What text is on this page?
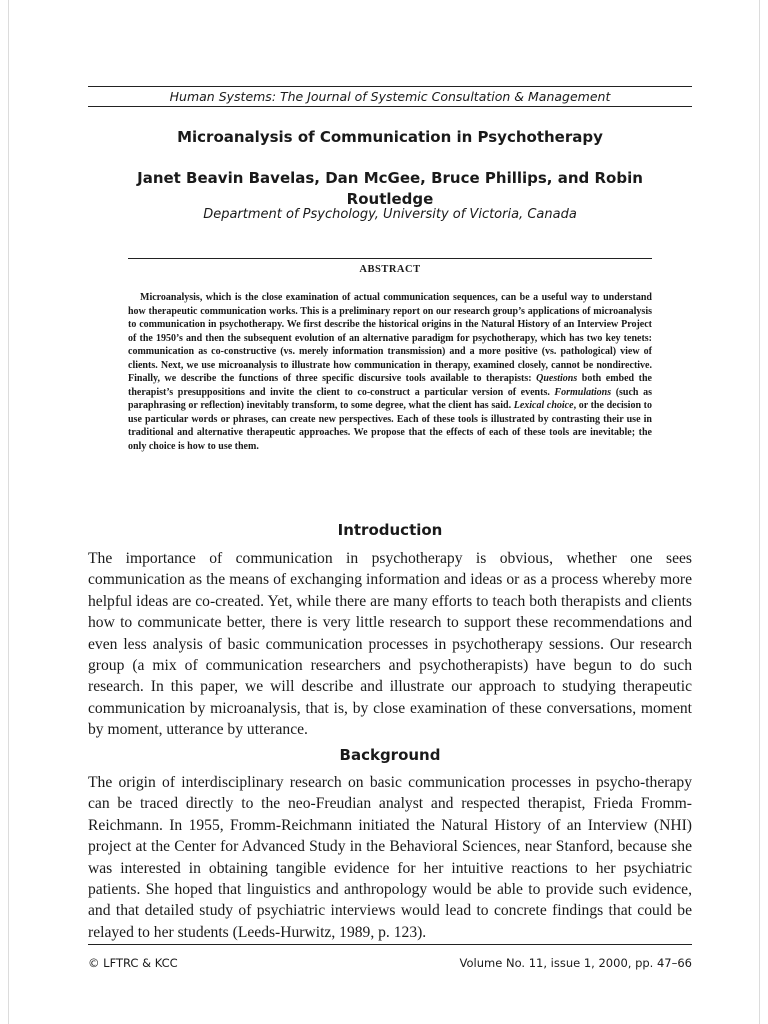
Human Systems: The Journal of Systemic Consultation & Management
Microanalysis of Communication in Psychotherapy
Janet Beavin Bavelas, Dan McGee, Bruce Phillips, and Robin Routledge
Department of Psychology, University of Victoria, Canada
ABSTRACT
Microanalysis, which is the close examination of actual communication sequences, can be a useful way to understand how therapeutic communication works. This is a preliminary report on our research group’s applications of microanalysis to communication in psychotherapy. We first describe the historical origins in the Natural History of an Interview Project of the 1950’s and then the subsequent evolution of an alternative paradigm for psychotherapy, which has two key tenets: communication as co-constructive (vs. merely information transmission) and a more positive (vs. pathological) view of clients. Next, we use microanalysis to illustrate how communication in therapy, examined closely, cannot be nondirective. Finally, we describe the functions of three specific discursive tools available to therapists: Questions both embed the therapist’s presuppositions and invite the client to co-construct a particular version of events. Formulations (such as paraphrasing or reflection) inevitably transform, to some degree, what the client has said. Lexical choice, or the decision to use particular words or phrases, can create new perspectives. Each of these tools is illustrated by contrasting their use in traditional and alternative therapeutic approaches. We propose that the effects of each of these tools are inevitable; the only choice is how to use them.
Introduction
The importance of communication in psychotherapy is obvious, whether one sees communication as the means of exchanging information and ideas or as a process whereby more helpful ideas are co-created. Yet, while there are many efforts to teach both therapists and clients how to communicate better, there is very little research to support these recommendations and even less analysis of basic communication processes in psychotherapy sessions. Our research group (a mix of communication researchers and psychotherapists) have begun to do such research. In this paper, we will describe and illustrate our approach to studying therapeutic communication by microanalysis, that is, by close examination of these conversations, moment by moment, utterance by utterance.
Background
The origin of interdisciplinary research on basic communication processes in psycho-therapy can be traced directly to the neo-Freudian analyst and respected therapist, Frieda Fromm-Reichmann. In 1955, Fromm-Reichmann initiated the Natural History of an Interview (NHI) project at the Center for Advanced Study in the Behavioral Sciences, near Stanford, because she was interested in obtaining tangible evidence for her intuitive reactions to her psychiatric patients. She hoped that linguistics and anthropology would be able to provide such evidence, and that detailed study of psychiatric interviews would lead to concrete findings that could be relayed to her students (Leeds-Hurwitz, 1989, p. 123).
© LFTRC & KCC	Volume No. 11, issue 1, 2000, pp. 47–66
